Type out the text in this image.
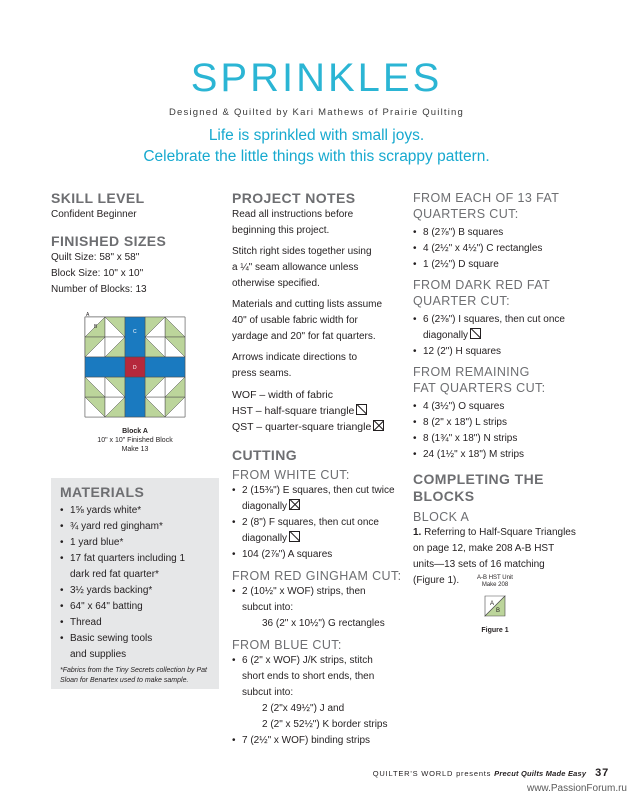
SPRINKLES
Designed & Quilted by Kari Mathews of Prairie Quilting
Life is sprinkled with small joys.
Celebrate the little things with this scrappy pattern.
SKILL LEVEL
Confident Beginner
FINISHED SIZES
Quilt Size: 58" x 58"
Block Size: 10" x 10"
Number of Blocks: 13
A
B
C
D
Block A
10" x 10" Finished Block
Make 13
MATERIALS
• 1⅝ yards white*
• ¾ yard red gingham*
• 1 yard blue*
• 17 fat quarters including 1
dark red fat quarter*
• 3½ yards backing*
• 64" x 64" batting
• Thread
• Basic sewing tools
and supplies
*Fabrics from the Tiny Secrets collection by Pat
Sloan for Benartex used to make sample.
PROJECT NOTES
Read all instructions before
beginning this project.
Stitch right sides together using
a ¼" seam allowance unless
otherwise specified.
Materials and cutting lists assume
40" of usable fabric width for
yardage and 20" for fat quarters.
Arrows indicate directions to
press seams.
WOF – width of fabric
HST – half-square triangle
QST – quarter-square triangle
CUTTING
FROM WHITE CUT:
• 2 (15⅜") E squares, then cut twice
diagonally
• 2 (8") F squares, then cut once
diagonally
• 104 (2⅞") A squares
FROM RED GINGHAM CUT:
• 2 (10½" x WOF) strips, then
subcut into:
36 (2" x 10½") G rectangles
FROM BLUE CUT:
• 6 (2" x WOF) J/K strips, stitch
short ends to short ends, then
subcut into:
2 (2"x 49½") J and
2 (2" x 52½") K border strips
• 7 (2½" x WOF) binding strips
FROM EACH OF 13 FAT
QUARTERS CUT:
• 8 (2⅞") B squares
• 4 (2½" x 4½") C rectangles
• 1 (2½") D square
FROM DARK RED FAT
QUARTER CUT:
• 6 (2⅜") I squares, then cut once
diagonally
• 12 (2") H squares
FROM REMAINING
FAT QUARTERS CUT:
• 4 (3½") O squares
• 8 (2" x 18") L strips
• 8 (1¾" x 18") N strips
• 24 (1½" x 18") M strips
COMPLETING THE
BLOCKS
BLOCK A
1. Referring to Half-Square Triangles
on page 12, make 208 A-B HST
units—13 sets of 16 matching
(Figure 1).	A-B HST Unit
Make 208
A
B
Figure 1
QUILTER'S WORLD presents Precut Quilts Made Easy 37
www.PassionForum.ru
